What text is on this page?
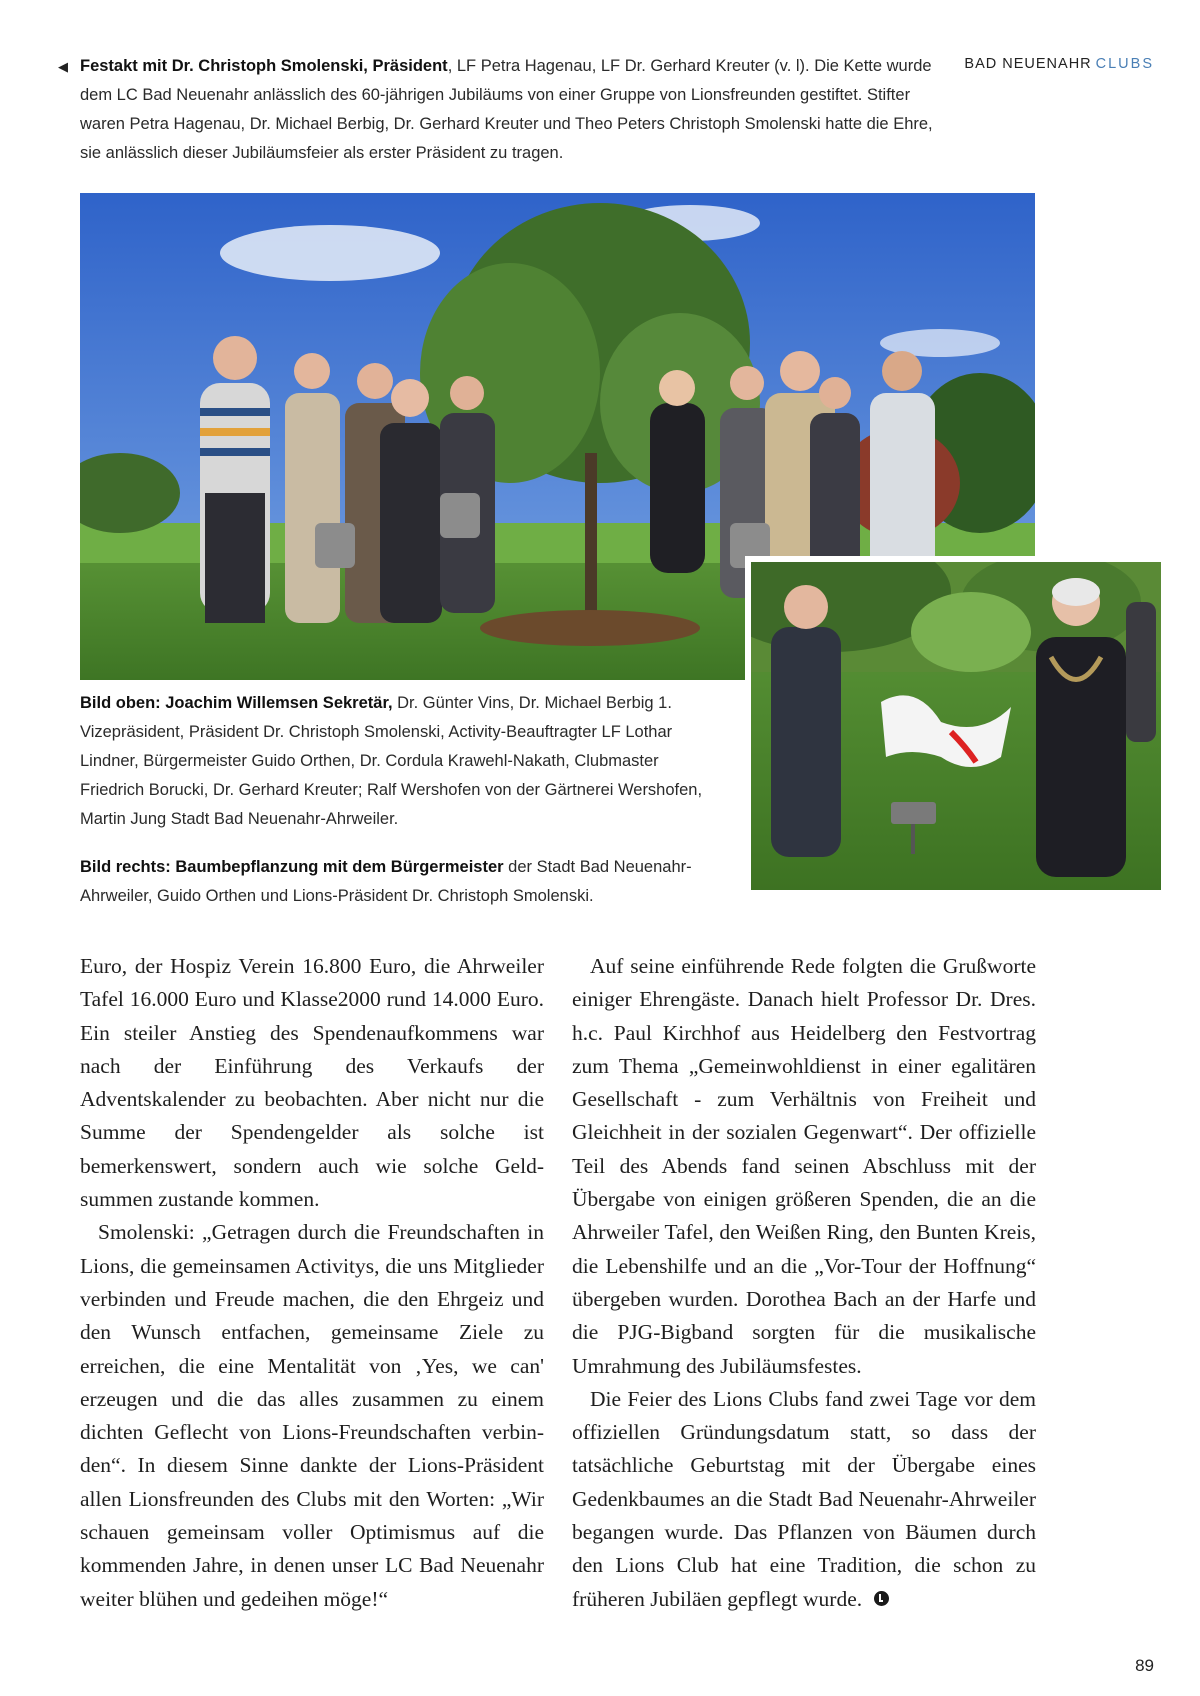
◀ Festakt mit Dr. Christoph Smolenski, Präsident, LF Petra Hagenau, LF Dr. Gerhard Kreuter (v. l). Die Kette wurde dem LC Bad Neuenahr anlässlich des 60-jährigen Jubiläums von einer Gruppe von Lionsfreunden gestiftet. Stifter waren Petra Hagenau, Dr. Michael Berbig, Dr. Gerhard Kreuter und Theo Peters Christoph Smolenski hatte die Ehre, sie anlässlich dieser Jubiläumsfeier als erster Präsident zu tragen.
BAD NEUENAHR CLUBS
Bild oben: Joachim Willemsen Sekretär, Dr. Günter Vins, Dr. Michael Berbig 1. Vizepräsident, Präsident Dr. Christoph Smolenski, Activity-Beauftragter LF Lothar Lindner, Bürgermeister Guido Orthen, Dr. Cordula Krawehl-Nakath, Clubmaster Friedrich Borucki, Dr. Gerhard Kreuter; Ralf Wershofen von der Gärtnerei Wershofen, Martin Jung Stadt Bad Neuenahr-Ahrweiler.
Bild rechts: Baumbepflanzung mit dem Bürgermeister der Stadt Bad Neuenahr-Ahrweiler, Guido Orthen und Lions-Präsident Dr. Christoph Smolenski.

Euro, der Hospiz Verein 16.800 Euro, die Ahrweiler Tafel 16.000 Euro und Klasse2000 rund 14.000 Euro. Ein steiler Anstieg des Spendenaufkommens war nach der Einführung des Verkaufs der Adventskalender zu beobachten. Aber nicht nur die Summe der Spendengelder als solche ist bemerkenswert, sondern auch wie solche Geldsummen zustande kommen.

Smolenski: „Getragen durch die Freundschaften in Lions, die gemeinsamen Activitys, die uns Mitglieder verbinden und Freude machen, die den Ehrgeiz und den Wunsch entfachen, gemeinsame Ziele zu erreichen, die eine Mentalität von ‚Yes, we can' erzeugen und die das alles zusammen zu einem dichten Geflecht von Lions-Freundschaften verbinden“. In diesem Sinne dankte der Lions-Präsident allen Lionsfreunden des Clubs mit den Worten: „Wir schauen gemeinsam voller Optimismus auf die kommenden Jahre, in denen unser LC Bad Neuenahr weiter blühen und gedeihen möge!“

Auf seine einführende Rede folgten die Grußworte einiger Ehrengäste. Danach hielt Professor Dr. Dres. h.c. Paul Kirchhof aus Heidelberg den Festvortrag zum Thema „Gemeinwohldienst in einer egalitären Gesellschaft - zum Verhältnis von Freiheit und Gleichheit in der sozialen Gegenwart“. Der offizielle Teil des Abends fand seinen Abschluss mit der Übergabe von einigen größeren Spenden, die an die Ahrweiler Tafel, den Weißen Ring, den Bunten Kreis, die Lebenshilfe und an die „Vor-Tour der Hoffnung“ übergeben wurden. Dorothea Bach an der Harfe und die PJG-Bigband sorgten für die musikalische Umrahmung des Jubiläumsfestes.

Die Feier des Lions Clubs fand zwei Tage vor dem offiziellen Gründungsdatum statt, so dass der tatsächliche Geburtstag mit der Übergabe eines Gedenkbaumes an die Stadt Bad Neuenahr-Ahrweiler begangen wurde. Das Pflanzen von Bäumen durch den Lions Club hat eine Tradition, die schon zu früheren Jubiläen gepflegt wurde.

89
